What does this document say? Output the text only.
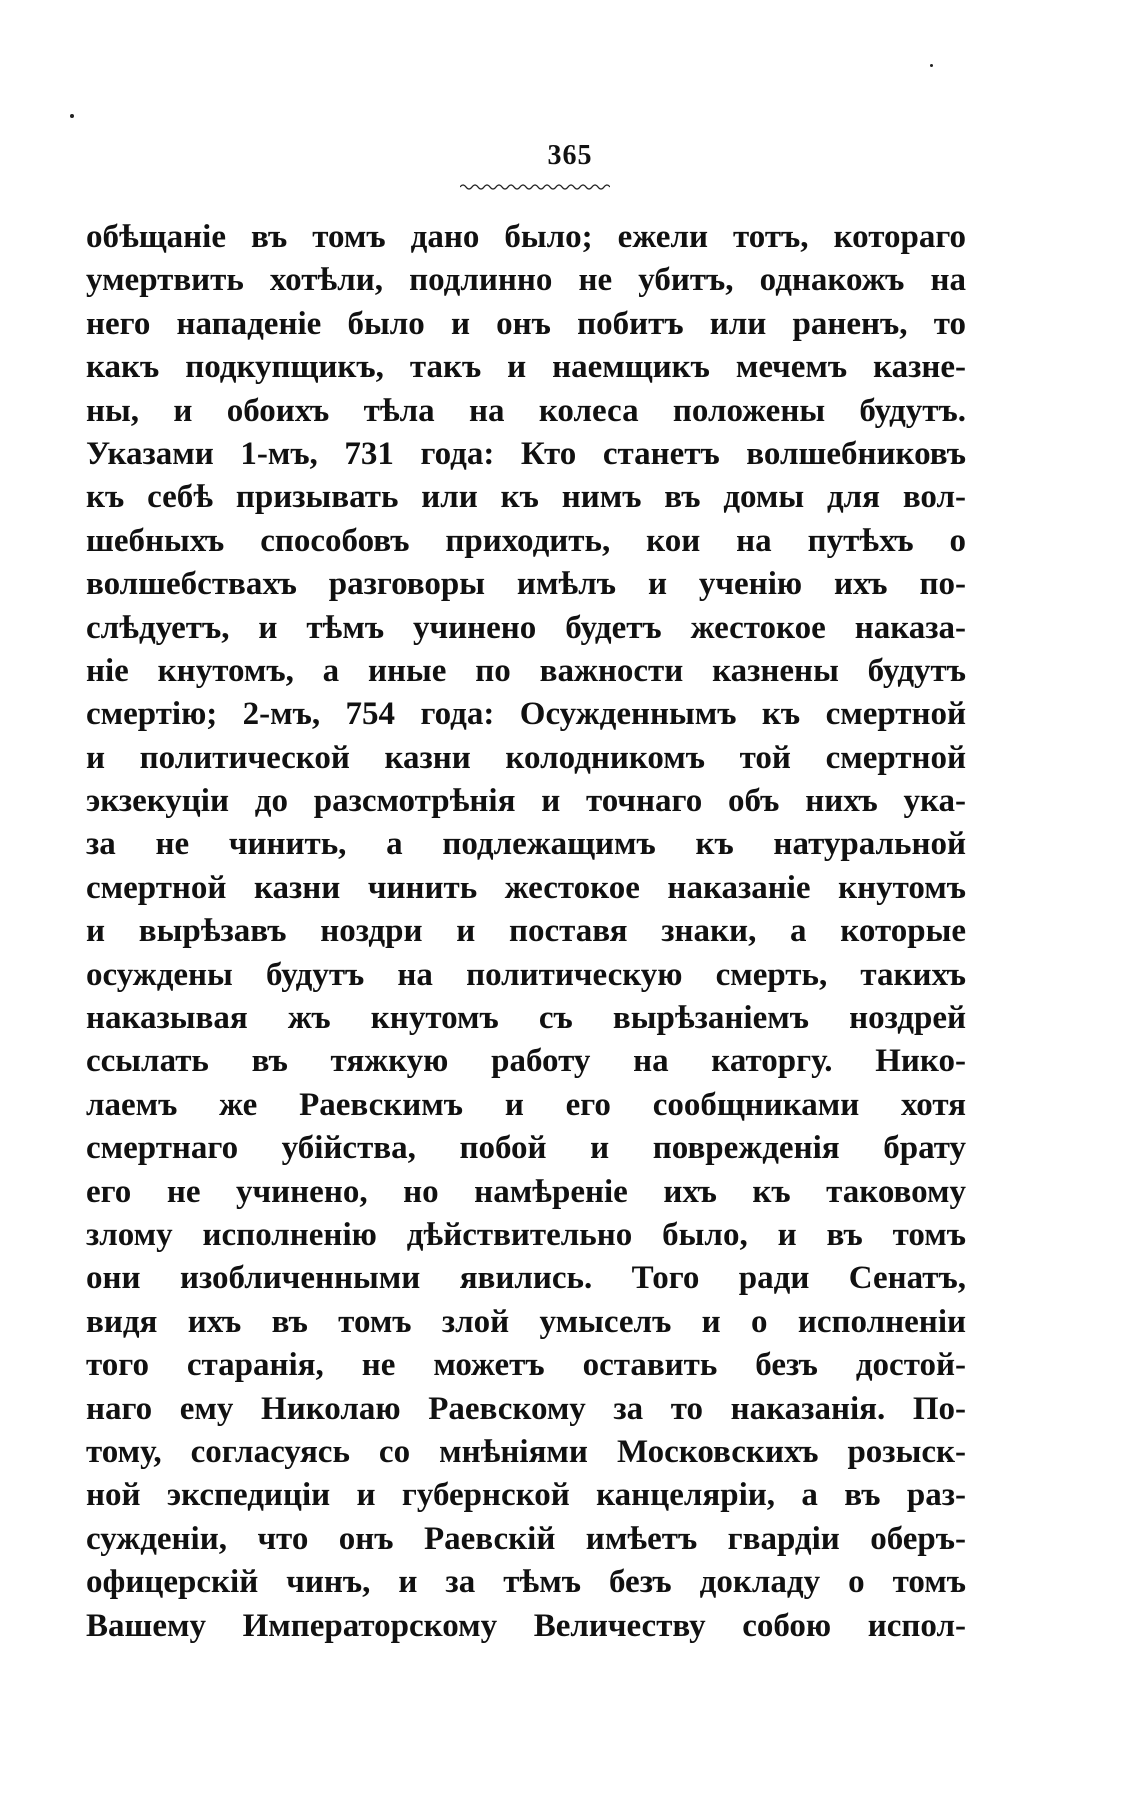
365
обѣщаніе въ томъ дано было; ежели тотъ, котораго
умертвить хотѣли, подлинно не убитъ, однакожъ на
него нападеніе было и онъ побитъ или раненъ, то
какъ подкупщикъ, такъ и наемщикъ мечемъ казне-
ны, и обоихъ тѣла на колеса положены будутъ.
Указами 1-мъ, 731 года: Кто станетъ волшебниковъ
къ себѣ призывать или къ нимъ въ домы для вол-
шебныхъ способовъ приходить, кои на путѣхъ о
волшебствахъ разговоры имѣлъ и ученію ихъ по-
слѣдуетъ, и тѣмъ учинено будетъ жестокое наказа-
ніе кнутомъ, а иные по важности казнены будутъ
смертію; 2-мъ, 754 года: Осужденнымъ къ смертной
и политической казни колодникомъ той смертной
экзекуціи до разсмотрѣнія и точнаго объ нихъ ука-
за не чинить, а подлежащимъ къ натуральной
смертной казни чинить жестокое наказаніе кнутомъ
и вырѣзавъ ноздри и поставя знаки, а которые
осуждены будутъ на политическую смерть, такихъ
наказывая жъ кнутомъ съ вырѣзаніемъ ноздрей
ссылать въ тяжкую работу на каторгу. Нико-
лаемъ же Раевскимъ и его сообщниками хотя
смертнаго убійства, побой и поврежденія брату
его не учинено, но намѣреніе ихъ къ таковому
злому исполненію дѣйствительно было, и въ томъ
они изобличенными явились. Того ради Сенатъ,
видя ихъ въ томъ злой умыселъ и о исполненіи
того старанія, не можетъ оставить безъ достой-
наго ему Николаю Раевскому за то наказанія. По-
тому, согласуясь со мнѣніями Московскихъ розыск-
ной экспедиціи и губернской канцеляріи, а въ раз-
сужденіи, что онъ Раевскій имѣетъ гвардіи оберъ-
офицерскій чинъ, и за тѣмъ безъ докладу о томъ
Вашему Императорскому Величеству собою испол-
